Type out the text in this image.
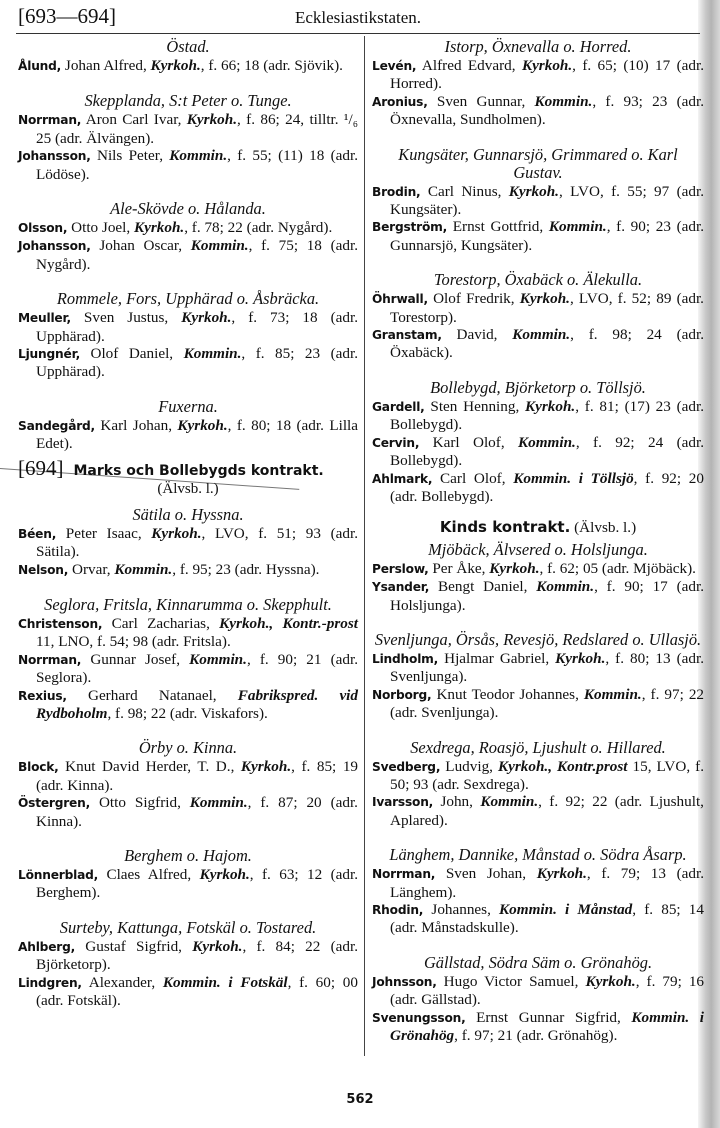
[693—694]	Ecklesiastikstaten.
Östad.

Ålund, Johan Alfred, Kyrkoh., f. 66; 18 (adr. Sjövik).

Skepplanda, S:t Peter o. Tunge.

Norrman, Aron Carl Ivar, Kyrkoh., f. 86; 24, tilltr. ¹/₆ 25 (adr. Älvängen).

Johansson, Nils Peter, Kommin., f. 55; (11) 18 (adr. Lödöse).

Ale-Skövde o. Hålanda.

Olsson, Otto Joel, Kyrkoh., f. 78; 22 (adr. Nygård).

Johansson, Johan Oscar, Kommin., f. 75; 18 (adr. Nygård).

Rommele, Fors, Upphärad o. Åsbräcka.

Meuller, Sven Justus, Kyrkoh., f. 73; 18 (adr. Upphärad).

Ljungnér, Olof Daniel, Kommin., f. 85; 23 (adr. Upphärad).

Fuxerna.

Sandegård, Karl Johan, Kyrkoh., f. 80; 18 (adr. Lilla Edet).

[694] Marks och Bollebygds kontrakt.
(Älvsb. l.)
Sätila o. Hyssna.

Béen, Peter Isaac, Kyrkoh., LVO, f. 51; 93 (adr. Sätila).

Nelson, Orvar, Kommin., f. 95; 23 (adr. Hyssna).

Seglora, Fritsla, Kinnarumma o. Skepphult.

Christenson, Carl Zacharias, Kyrkoh., Kontr.-prost 11, LNO, f. 54; 98 (adr. Fritsla).

Norrman, Gunnar Josef, Kommin., f. 90; 21 (adr. Seglora).

Rexius, Gerhard Natanael, Fabrikspred. vid Rydboholm, f. 98; 22 (adr. Viskafors).

Örby o. Kinna.

Block, Knut David Herder, T. D., Kyrkoh., f. 85; 19 (adr. Kinna).

Östergren, Otto Sigfrid, Kommin., f. 87; 20 (adr. Kinna).

Berghem o. Hajom.

Lönnerblad, Claes Alfred, Kyrkoh., f. 63; 12 (adr. Berghem).

Surteby, Kattunga, Fotskäl o. Tostared.

Ahlberg, Gustaf Sigfrid, Kyrkoh., f. 84; 22 (adr. Björketorp).

Lindgren, Alexander, Kommin. i Fotskäl, f. 60; 00 (adr. Fotskäl).

Istorp, Öxnevalla o. Horred.

Levén, Alfred Edvard, Kyrkoh., f. 65; (10) 17 (adr. Horred).

Aronius, Sven Gunnar, Kommin., f. 93; 23 (adr. Öxnevalla, Sundholmen).

Kungsäter, Gunnarsjö, Grimmared o. Karl Gustav.

Brodin, Carl Ninus, Kyrkoh., LVO, f. 55; 97 (adr. Kungsäter).

Bergström, Ernst Gottfrid, Kommin., f. 90; 23 (adr. Gunnarsjö, Kungsäter).

Torestorp, Öxabäck o. Älekulla.

Öhrwall, Olof Fredrik, Kyrkoh., LVO, f. 52; 89 (adr. Torestorp).

Granstam, David, Kommin., f. 98; 24 (adr. Öxabäck).

Bollebygd, Björketorp o. Töllsjö.

Gardell, Sten Henning, Kyrkoh., f. 81; (17) 23 (adr. Bollebygd).

Cervin, Karl Olof, Kommin., f. 92; 24 (adr. Bollebygd).

Ahlmark, Carl Olof, Kommin. i Töllsjö, f. 92; 20 (adr. Bollebygd).

Kinds kontrakt. (Älvsb. l.)
Mjöbäck, Älvsered o. Holsljunga.

Perslow, Per Åke, Kyrkoh., f. 62; 05 (adr. Mjöbäck).

Ysander, Bengt Daniel, Kommin., f. 90; 17 (adr. Holsljunga).

Svenljunga, Örsås, Revesjö, Redslared o. Ullasjö.

Lindholm, Hjalmar Gabriel, Kyrkoh., f. 80; 13 (adr. Svenljunga).

Norborg, Knut Teodor Johannes, Kommin., f. 97; 22 (adr. Svenljunga).

Sexdrega, Roasjö, Ljushult o. Hillared.

Svedberg, Ludvig, Kyrkoh., Kontr.prost 15, LVO, f. 50; 93 (adr. Sexdrega).

Ivarsson, John, Kommin., f. 92; 22 (adr. Ljushult, Aplared).

Länghem, Dannike, Månstad o. Södra Åsarp.

Norrman, Sven Johan, Kyrkoh., f. 79; 13 (adr. Länghem).

Rhodin, Johannes, Kommin. i Månstad, f. 85; 14 (adr. Månstadskulle).

Gällstad, Södra Säm o. Grönahög.

Johnsson, Hugo Victor Samuel, Kyrkoh., f. 79; 16 (adr. Gällstad).

Svenungsson, Ernst Gunnar Sigfrid, Kommin. i Grönahög, f. 97; 21 (adr. Grönahög).

562
